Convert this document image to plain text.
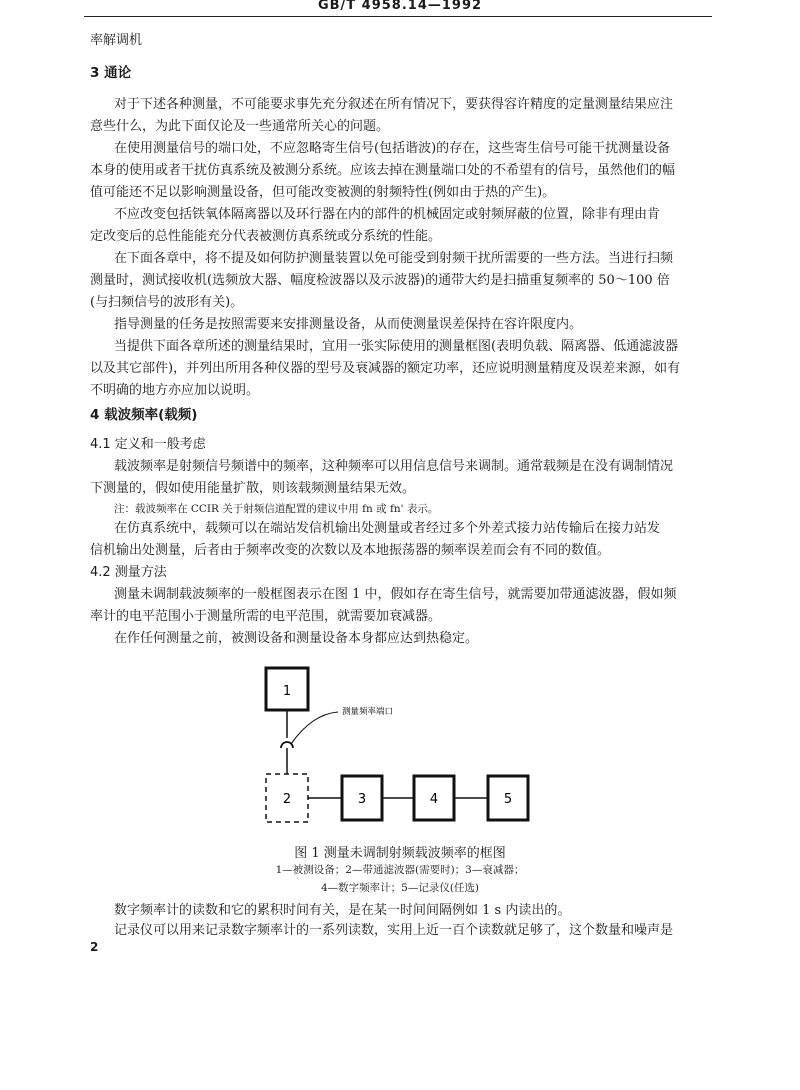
GB/T 4958.14—1992
率解调机
3 通论
对于下述各种测量，不可能要求事先充分叙述在所有情况下，要获得容许精度的定量测量结果应注
意些什么，为此下面仅论及一些通常所关心的问题。
在使用测量信号的端口处，不应忽略寄生信号(包括谐波)的存在，这些寄生信号可能干扰测量设备
本身的使用或者干扰仿真系统及被测分系统。应该去掉在测量端口处的不希望有的信号，虽然他们的幅
值可能还不足以影响测量设备，但可能改变被测的射频特性(例如由于热的产生)。
不应改变包括铁氧体隔离器以及环行器在内的部件的机械固定或射频屏蔽的位置，除非有理由肯
定改变后的总性能能充分代表被测仿真系统或分系统的性能。
在下面各章中，将不提及如何防护测量装置以免可能受到射频干扰所需要的一些方法。当进行扫频
测量时，测试接收机(选频放大器、幅度检波器以及示波器)的通带大约是扫描重复频率的 50～100 倍
(与扫频信号的波形有关)。
指导测量的任务是按照需要来安排测量设备，从而使测量误差保持在容许限度内。
当提供下面各章所述的测量结果时，宜用一张实际使用的测量框图(表明负载、隔离器、低通滤波器
以及其它部件)，并列出所用各种仪器的型号及衰减器的额定功率，还应说明测量精度及误差来源，如有
不明确的地方亦应加以说明。
4 载波频率(载频)
4.1 定义和一般考虑
载波频率是射频信号频谱中的频率，这种频率可以用信息信号来调制。通常载频是在没有调制情况
下测量的，假如使用能量扩散，则该载频测量结果无效。
注：载波频率在 CCIR 关于射频信道配置的建议中用 fn 或 fn' 表示。
在仿真系统中，载频可以在端站发信机输出处测量或者经过多个外差式接力站传输后在接力站发
信机输出处测量，后者由于频率改变的次数以及本地振荡器的频率误差而会有不同的数值。
4.2 测量方法
测量未调制载波频率的一般框图表示在图 1 中，假如存在寄生信号，就需要加带通滤波器，假如频
率计的电平范围小于测量所需的电平范围，就需要加衰减器。
在作任何测量之前，被测设备和测量设备本身都应达到热稳定。
1
测量频率端口
2	3	4	5
图 1 测量未调制射频载波频率的框图
1—被测设备；2—带通滤波器(需要时)；3—衰减器；
4—数字频率计；5—记录仪(任选)
数字频率计的读数和它的累积时间有关，是在某一时间间隔例如 1 s 内读出的。
记录仪可以用来记录数字频率计的一系列读数，实用上近一百个读数就足够了，这个数量和噪声是
2
